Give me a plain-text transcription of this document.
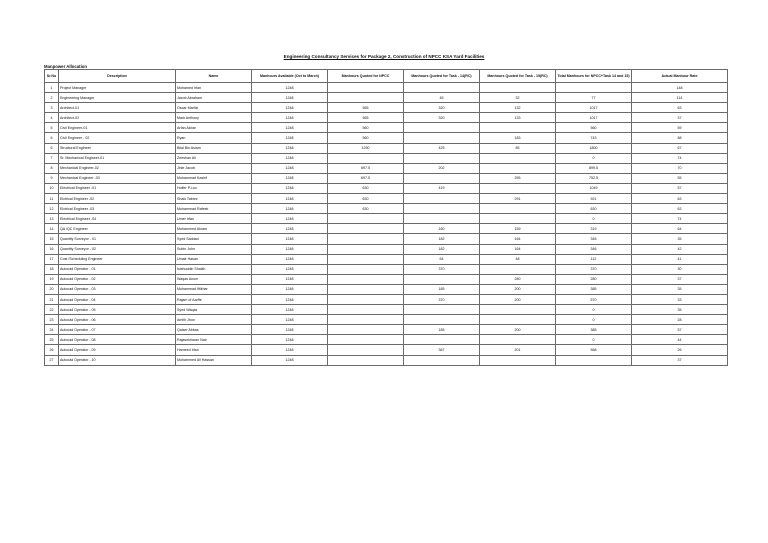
Engineering Consultancy Services for Package 2, Construction of NPCC KSA Yard Facilities
Manpower Allocation
Sr.No	Description	Name	Manhours Available (Oct to March)	Manhours Quoted for NPCC	Manhours Quoted for Task - 14(RC)	Manhours Quoted for Task - 15(RC)	Total Manhours for NPCC+Task 14 and 15)	Actual Manhour Rate
1	Project Manager	Mohamed Irfan	1248					148
2	Engineering Manager	Jacob Abraham	1248		45	32	77	114
3	Architect-01	Oscar Marfizi	1248	565	320	132	1017	63
4	Architect-02	Mark Anthony	1248	565	320	133	1017	37
5	Civil Engineer-01	Arfan Akbar	1248	560			560	59
6	Civil Engineer - 02	Ryan	1248	560		183	743	88
6	Structural Engineer	Bilal Bin Aslam	1248	1290	425	85	1800	67
7	Sr. Mechanical Engineer-01	Zeeshan Ali	1248				0	74
8	Mechanical Engineer-02	Jinle Jacob	1248	697.5	202		899.5	70
9	Mechanical Engineer -03	Muhammad Kashif	1248	697.5		255	752.5	55
10	Electrical Engineer -01	Hoffer P.Loo	1248	630	419		1049	57
11	Elctrical Engineer -02	Shaik Tabrez	1248	630		291	921	63
12	Elctrical Engineer -03	Mohammad Rafeek	1248	630			630	63
13	Electrical Engineer -04	Umer Irfan	1248				0	74
14	QA /QC Engineer	Muhammed Akram	1248		160	159	319	64
15	Quantity Surveyor - 01	Syed Saddad	1248		182	164	346	35
16	Quantity Surveyor - 02	Subin John	1248		182	164	346	42
17	Cost /Scheduling Engineer	Umair Hasan	1248		64	48	112	41
18	Autocad Operator - 01	Islahuddin Shaikh	1248		370		370	30
19	Autocad Operator - 02	Waqas Anum	1248			280	280	37
20	Autocad Operator - 03	Muhammad Iftikhar	1248		185	200	385	35
21	Autocad Operator - 04	Rajam of Aarffe	1248		370	200	570	33
22	Autocad Operator - 05	Syed Waqas	1248				0	35
23	Autocad Operator - 06	Amith Jhon	1248				0	28
24	Autocad Operator - 07	Qaiser Abbas	1248		185	200	385	57
25	Autocad Operator - 08	Rajasekharan Nair	1248				0	44
26	Autocad Operator - 09	Hameed Irfan	1248		367	201	568	26
27	Autocad Operator - 10	Mohammed Ali Hassan	1248					37
